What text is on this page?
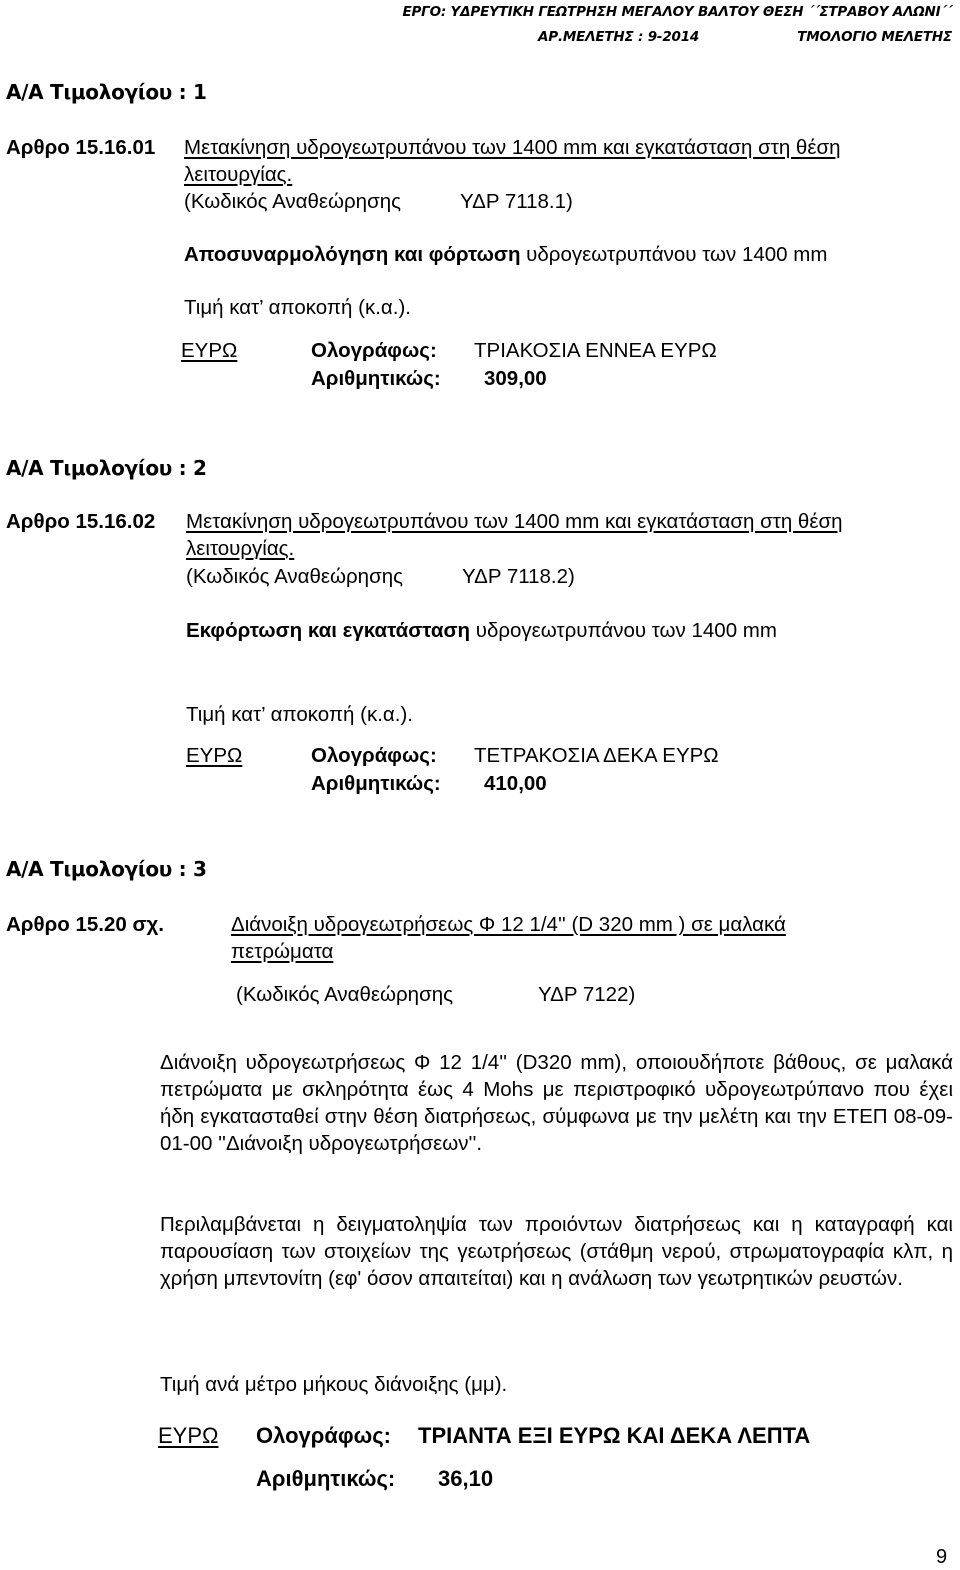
ΕΡΓΟ: ΥΔΡΕΥΤΙΚΗ ΓΕΩΤΡΗΣΗ ΜΕΓΑΛΟΥ ΒΑΛΤΟΥ ΘΕΣΗ ΄΄ΣΤΡΑΒΟΥ ΑΛΩΝΙ΄΄
ΑΡ.ΜΕΛΕΤΗΣ : 9-2014	ΤΜΟΛΟΓΙΟ ΜΕΛΕΤΗΣ
Α/Α Τιμολογίου : 1
Αρθρο 15.16.01 Μετακίνηση υδρογεωτρυπάνου των 1400 mm και εγκατάσταση στη θέση
λειτουργίας.
(Κωδικός Αναθεώρησης	ΥΔΡ 7118.1)
Αποσυναρμολόγηση και φόρτωση υδρογεωτρυπάνου των 1400 mm
Τιμή κατ’ αποκοπή (κ.α.).
ΕΥΡΩ	Ολογράφως: ΤΡΙΑΚΟΣΙΑ ΕΝΝΕΑ ΕΥΡΩ
Αριθμητικώς: 309,00
Α/Α Τιμολογίου : 2
Αρθρο 15.16.02 Μετακίνηση υδρογεωτρυπάνου των 1400 mm και εγκατάσταση στη θέση
λειτουργίας.
(Κωδικός Αναθεώρησης	ΥΔΡ 7118.2)
Εκφόρτωση και εγκατάσταση υδρογεωτρυπάνου των 1400 mm
Τιμή κατ’ αποκοπή (κ.α.).
ΕΥΡΩ	Ολογράφως: ΤΕΤΡΑΚΟΣΙΑ ΔΕΚΑ ΕΥΡΩ
Αριθμητικώς: 410,00
Α/Α Τιμολογίου : 3
Αρθρο 15.20 σχ.	Διάνοιξη υδρογεωτρήσεως Φ 12 1/4'' (D 320 mm ) σε μαλακά
πετρώματα
(Κωδικός Αναθεώρησης	ΥΔΡ 7122)
Διάνοιξη υδρογεωτρήσεως Φ 12 1/4'' (D320 mm), οποιουδήποτε βάθους, σε μαλακά πετρώματα με σκληρότητα έως 4 Mohs με περιστροφικό υδρογεωτρύπανο που έχει ήδη εγκατασταθεί στην θέση διατρήσεως, σύμφωνα με την μελέτη και την ΕΤΕΠ 08-09-01-00 ''Διάνοιξη υδρογεωτρήσεων''.
Περιλαμβάνεται η δειγματοληψία των προιόντων διατρήσεως και η καταγραφή και παρουσίαση των στοιχείων της γεωτρήσεως (στάθμη νερού, στρωματογραφία κλπ, η χρήση μπεντονίτη (εφ' όσον απαιτείται) και η ανάλωση των γεωτρητικών ρευστών.
Τιμή ανά μέτρο μήκους διάνοιξης (μμ).
ΕΥΡΩ Ολογράφως: ΤΡΙΑΝΤΑ ΕΞΙ ΕΥΡΩ ΚΑΙ ΔΕΚΑ ΛΕΠΤΑ
Αριθμητικώς: 36,10
9
